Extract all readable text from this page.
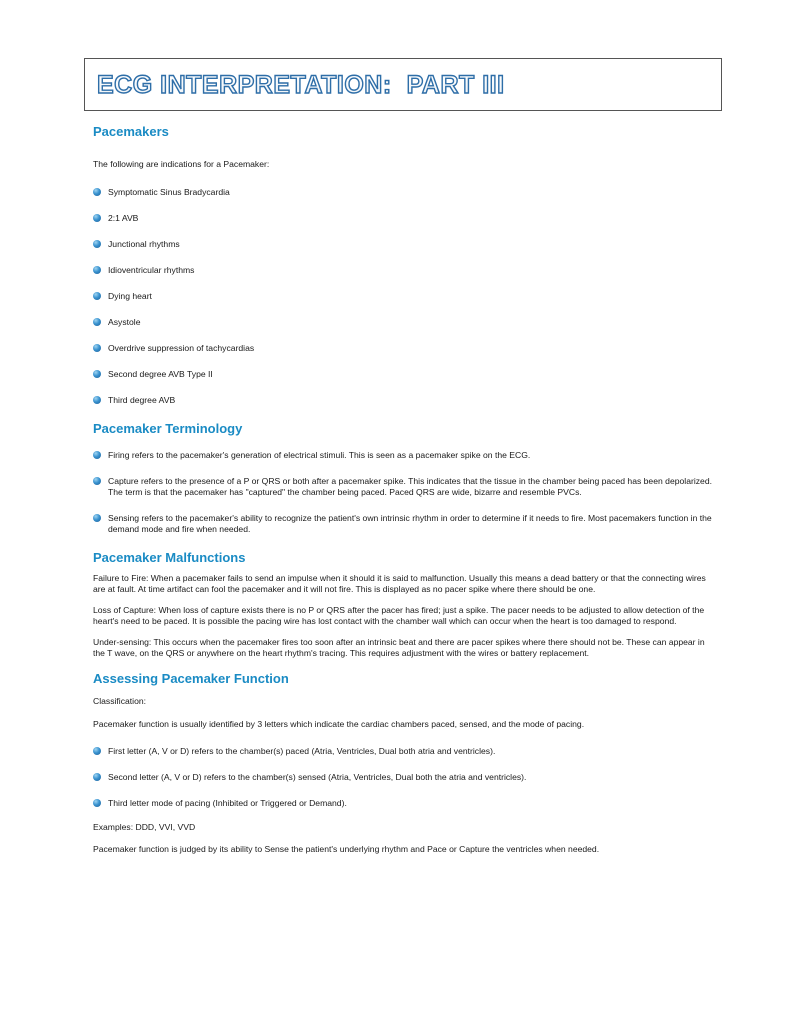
ECG INTERPRETATION:  PART III
Pacemakers

The following are indications for a Pacemaker:

Symptomatic Sinus Bradycardia
2:1 AVB
Junctional rhythms
Idioventricular rhythms
Dying heart
Asystole
Overdrive suppression of tachycardias
Second degree AVB Type II
Third degree AVB
Pacemaker Terminology
Firing refers to the pacemaker's generation of electrical stimuli. This is seen as a pacemaker spike on the ECG.
Capture refers to the presence of a P or QRS or both after a pacemaker spike. This indicates that the tissue in the chamber being paced has been depolarized. The term is that the pacemaker has "captured" the chamber being paced. Paced QRS are wide, bizarre and resemble PVCs.
Sensing refers to the pacemaker's ability to recognize the patient's own intrinsic rhythm in order to determine if it needs to fire. Most pacemakers function in the demand mode and fire when needed.
Pacemaker Malfunctions

Failure to Fire: When a pacemaker fails to send an impulse when it should it is said to malfunction. Usually this means a dead battery or that the connecting wires are at fault. At time artifact can fool the pacemaker and it will not fire. This is displayed as no pacer spike where there should be one.

Loss of Capture: When loss of capture exists there is no P or QRS after the pacer has fired; just a spike. The pacer needs to be adjusted to allow detection of the heart's need to be paced. It is possible the pacing wire has lost contact with the chamber wall which can occur when the heart is too damaged to respond.

Under-sensing: This occurs when the pacemaker fires too soon after an intrinsic beat and there are pacer spikes where there should not be. These can appear in the T wave, on the QRS or anywhere on the heart rhythm's tracing. This requires adjustment with the wires or battery replacement.

Assessing Pacemaker Function

Classification:

Pacemaker function is usually identified by 3 letters which indicate the cardiac chambers paced, sensed, and the mode of pacing.

First letter (A, V or D) refers to the chamber(s) paced (Atria, Ventricles, Dual both atria and ventricles).
Second letter (A, V or D) refers to the chamber(s) sensed (Atria, Ventricles, Dual both the atria and ventricles).
Third letter mode of pacing (Inhibited or Triggered or Demand).

Examples: DDD, VVI, VVD

Pacemaker function is judged by its ability to Sense the patient's underlying rhythm and Pace or Capture the ventricles when needed.
